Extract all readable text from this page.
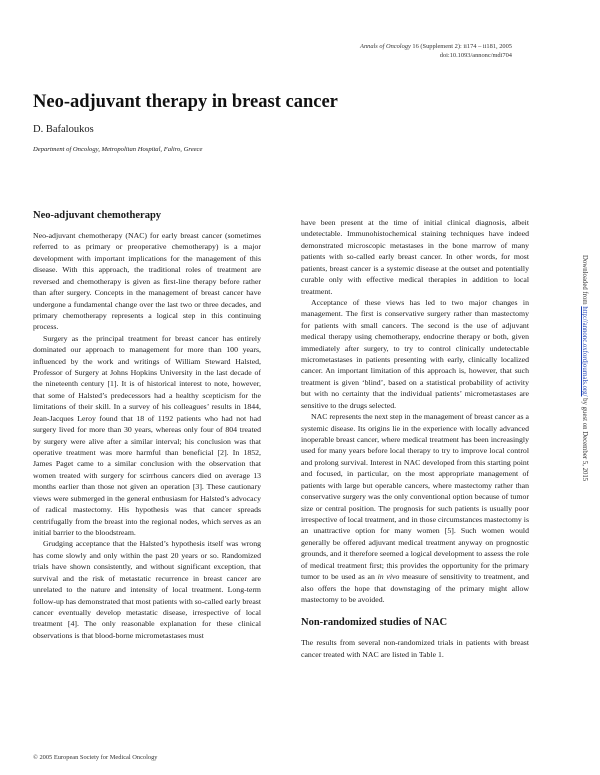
Annals of Oncology 16 (Supplement 2): ii174 – ii181, 2005
doi:10.1093/annonc/mdi704
Neo-adjuvant therapy in breast cancer
D. Bafaloukos
Department of Oncology, Metropolitan Hospital, Faliro, Greece
Neo-adjuvant chemotherapy

Neo-adjuvant chemotherapy (NAC) for early breast cancer (sometimes referred to as primary or preoperative chemotherapy) is a major development with important implications for the management of this disease. With this approach, the traditional roles of treatment are reversed and chemotherapy is given as first-line therapy before rather than after surgery. Concepts in the management of breast cancer have undergone a fundamental change over the last two or three decades, and primary chemotherapy represents a logical step in this continuing process.

Surgery as the principal treatment for breast cancer has entirely dominated our approach to management for more than 100 years, influenced by the work and writings of William Steward Halsted, Professor of Surgery at Johns Hopkins University in the last decade of the nineteenth century [1]. It is of historical interest to note, however, that some of Halsted’s predecessors had a healthy scepticism for the limitations of their skill. In a survey of his colleagues’ results in 1844, Jean-Jacques Leroy found that 18 of 1192 patients who had not had surgery lived for more than 30 years, whereas only four of 804 treated by surgery were alive after a similar interval; his conclusion was that operative treatment was more harmful than beneficial [2]. In 1852, James Paget came to a similar conclusion with the observation that women treated with surgery for scirrhous cancers died on average 13 months earlier than those not given an operation [3]. These cautionary views were submerged in the general enthusiasm for Halsted’s advocacy of radical mastectomy. His hypothesis was that cancer spreads centrifugally from the breast into the regional nodes, which serves as an initial barrier to the bloodstream.

Grudging acceptance that the Halsted’s hypothesis itself was wrong has come slowly and only within the past 20 years or so. Randomized trials have shown consistently, and without significant exception, that survival and the risk of metastatic recurrence in breast cancer are unrelated to the nature and intensity of local treatment. Long-term follow-up has demonstrated that most patients with so-called early breast cancer eventually develop metastatic disease, irrespective of local treatment [4]. The only reasonable explanation for these clinical observations is that blood-borne micrometastases must

have been present at the time of initial clinical diagnosis, albeit undetectable. Immunohistochemical staining techniques have indeed demonstrated microscopic metastases in the bone marrow of many patients with so-called early breast cancer. In other words, for most patients, breast cancer is a systemic disease at the outset and potentially curable only with effective medical therapies in addition to local treatment.

Acceptance of these views has led to two major changes in management. The first is conservative surgery rather than mastectomy for patients with small cancers. The second is the use of adjuvant medical therapy using chemotherapy, endocrine therapy or both, given immediately after surgery, to try to control clinically undetectable micrometastases in patients presenting with early, clinically localized cancer. An important limitation of this approach is, however, that such treatment is given ‘blind’, based on a statistical probability of activity but with no certainty that the individual patients’ micrometastases are sensitive to the drugs selected.

NAC represents the next step in the management of breast cancer as a systemic disease. Its origins lie in the experience with locally advanced inoperable breast cancer, where medical treatment has been increasingly used for many years before local therapy to try to improve local control and prolong survival. Interest in NAC developed from this starting point and focused, in particular, on the most appropriate management of patients with large but operable cancers, where mastectomy rather than conservative surgery was the only conventional option because of tumor size or central position. The prognosis for such patients is usually poor irrespective of local treatment, and in those circumstances mastectomy is an unattractive option for many women [5]. Such women would generally be offered adjuvant medical treatment anyway on prognostic grounds, and it therefore seemed a logical development to assess the role of medical treatment first; this provides the opportunity for the primary tumor to be used as an in vivo measure of sensitivity to treatment, and also offers the hope that downstaging of the primary might allow mastectomy to be avoided.

Non-randomized studies of NAC

The results from several non-randomized trials in patients with breast cancer treated with NAC are listed in Table 1.

© 2005 European Society for Medical Oncology
Downloaded from http://annonc.oxfordjournals.org/ by guest on December 5, 2015
